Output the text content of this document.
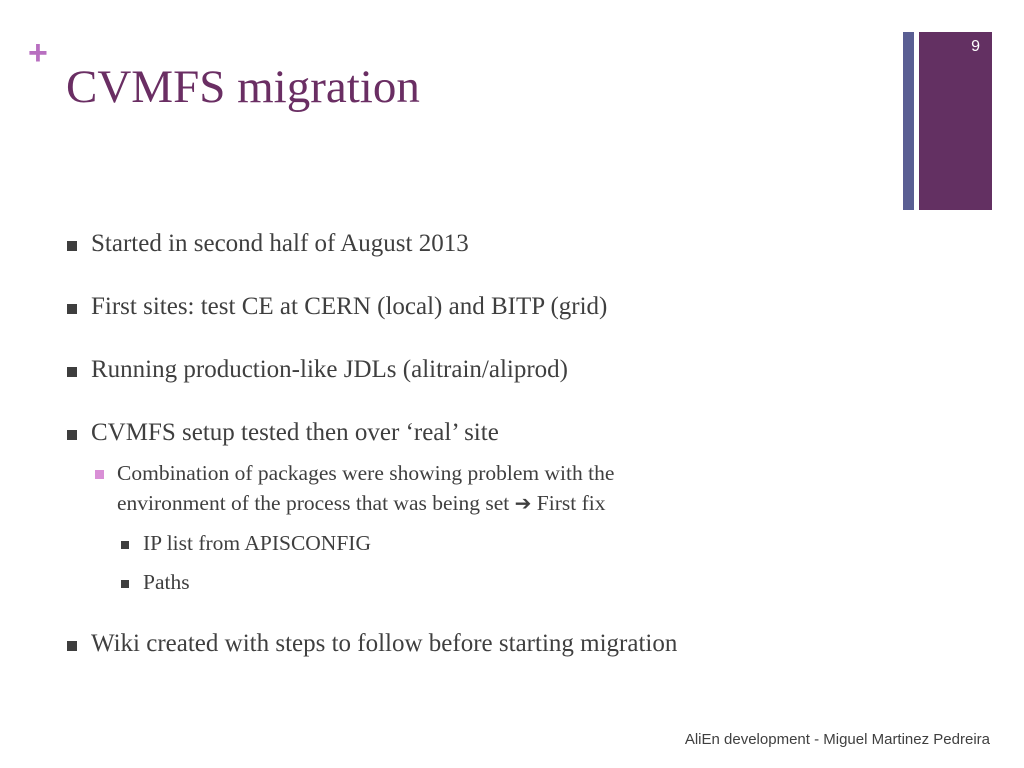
+
CVMFS migration
9
Started in second half of August 2013
First sites: test CE at CERN (local) and BITP (grid)
Running production-like JDLs (alitrain/aliprod)
CVMFS setup tested then over ‘real’ site
Combination of packages were showing problem with the
environment of the process that was being set ➔ First fix
IP list from APISCONFIG
Paths
Wiki created with steps to follow before starting migration
AliEn development - Miguel Martinez Pedreira
